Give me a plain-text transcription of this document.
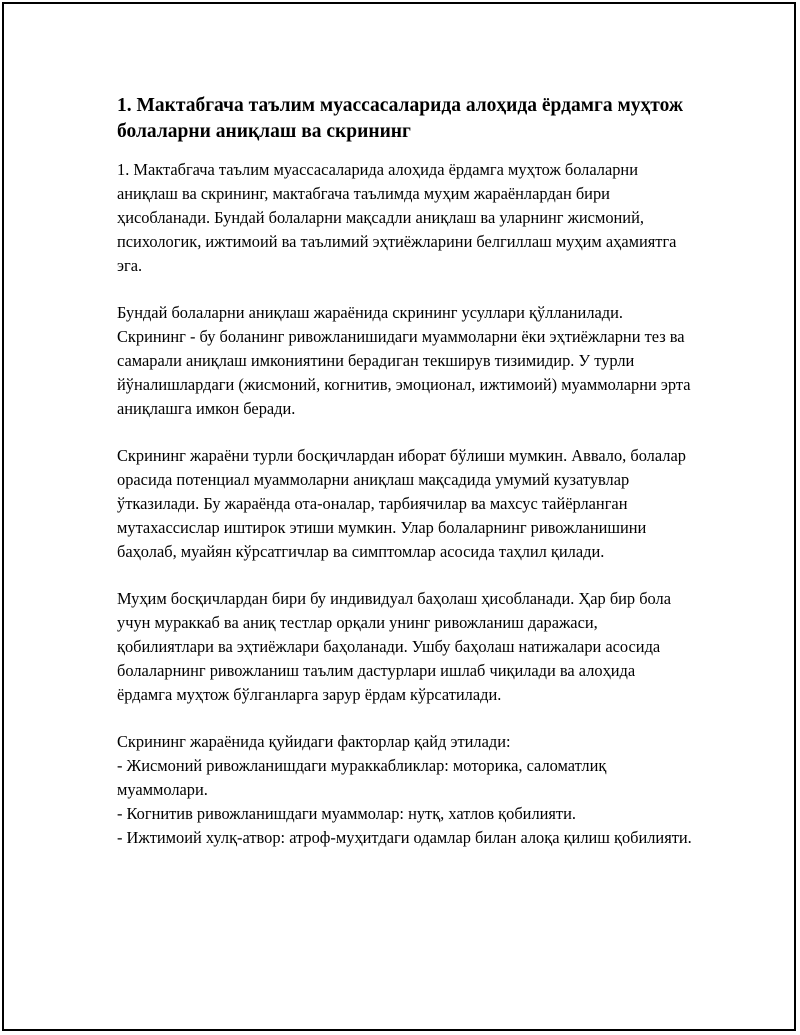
1. Мактабгача таълим муассасаларида алоҳида ёрдамга муҳтож болаларни аниқлаш ва скрининг

1. Мактабгача таълим муассасаларида алоҳида ёрдамга муҳтож болаларни аниқлаш ва скрининг, мактабгача таълимда муҳим жараёнлардан бири ҳисобланади. Бундай болаларни мақсадли аниқлаш ва уларнинг жисмоний, психологик, ижтимоий ва таълимий эҳтиёжларини белгиллаш муҳим аҳамиятга эга.

Бундай болаларни аниқлаш жараёнида скрининг усуллари қўлланилади. Скрининг - бу боланинг ривожланишидаги муаммоларни ёки эҳтиёжларни тез ва самарали аниқлаш имкониятини берадиган текширув тизимидир. У турли йўналишлардаги (жисмоний, когнитив, эмоционал, ижтимоий) муаммоларни эрта аниқлашга имкон беради.

Скрининг жараёни турли босқичлардан иборат бўлиши мумкин. Аввало, болалар орасида потенциал муаммоларни аниқлаш мақсадида умумий кузатувлар ўтказилади. Бу жараёнда ота-оналар, тарбиячилар ва махсус тайёрланган мутахассислар иштирок этиши мумкин. Улар болаларнинг ривожланишини баҳолаб, муайян кўрсатгичлар ва симптомлар асосида таҳлил қилади.

Муҳим босқичлардан бири бу индивидуал баҳолаш ҳисобланади. Ҳар бир бола учун мураккаб ва аниқ тестлар орқали унинг ривожланиш даражаси, қобилиятлари ва эҳтиёжлари баҳоланади. Ушбу баҳолаш натижалари асосида болаларнинг ривожланиш таълим дастурлари ишлаб чиқилади ва алоҳида ёрдамга муҳтож бўлганларга зарур ёрдам кўрсатилади.

Скрининг жараёнида қуйидаги факторлар қайд этилади:
- Жисмоний ривожланишдаги мураккабликлар: моторика, саломатлиқ муаммолари.
- Когнитив ривожланишдаги муаммолар: нутқ, хатлов қобилияти.
- Ижтимоий хулқ-атвор: атроф-муҳитдаги одамлар билан алоқа қилиш қобилияти.
